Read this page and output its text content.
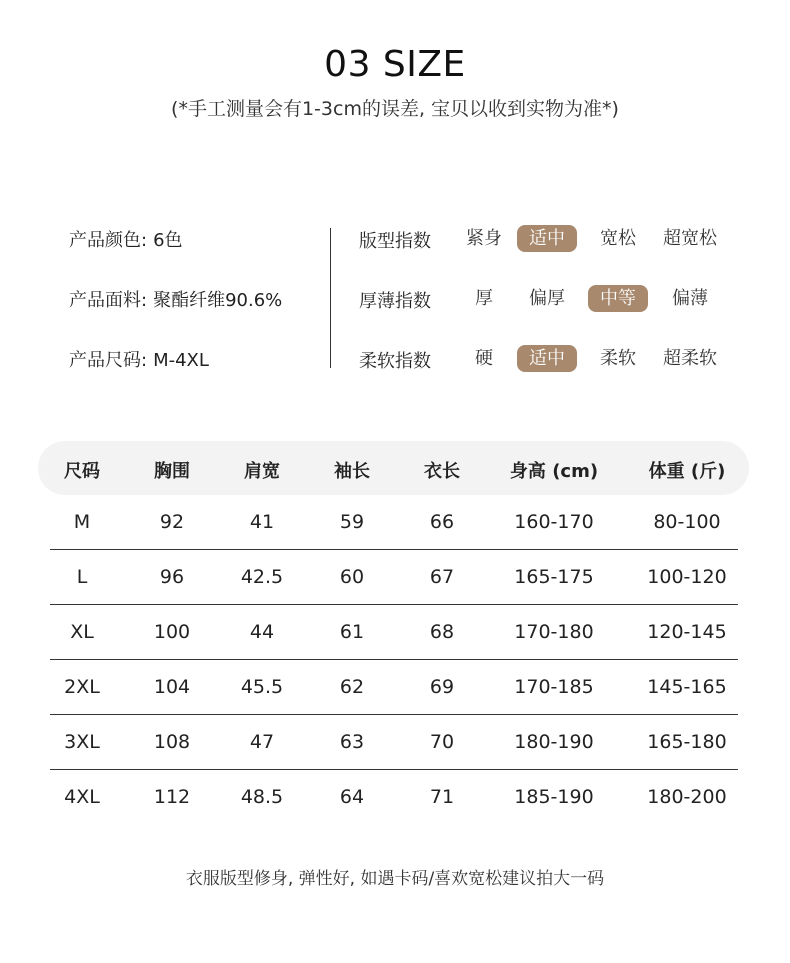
03 SIZE
(*手工测量会有1-3cm的误差, 宝贝以收到实物为准*)
产品颜色: 6色
产品面料: 聚酯纤维90.6%
产品尺码: M-4XL
版型指数	紧身	适中	宽松	超宽松
厚薄指数	厚	偏厚	中等	偏薄
柔软指数	硬	适中	柔软	超柔软
尺码	胸围	肩宽	袖长	衣长	身高 (cm)	体重 (斤)
M	92	41	59	66	160-170	80-100
L	96	42.5	60	67	165-175	100-120
XL	100	44	61	68	170-180	120-145
2XL	104	45.5	62	69	170-185	145-165
3XL	108	47	63	70	180-190	165-180
4XL	112	48.5	64	71	185-190	180-200
衣服版型修身, 弹性好, 如遇卡码/喜欢宽松建议拍大一码
